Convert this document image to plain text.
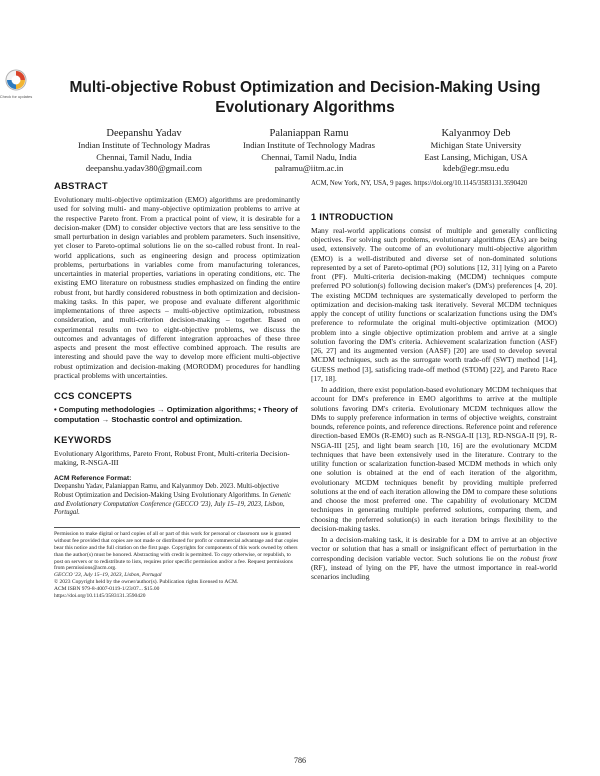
Check for updates
Multi-objective Robust Optimization and Decision-Making Using Evolutionary Algorithms
Deepanshu Yadav
Indian Institute of Technology Madras
Chennai, Tamil Nadu, India
deepanshu.yadav380@gmail.com
Palaniappan Ramu
Indian Institute of Technology Madras
Chennai, Tamil Nadu, India
palramu@iitm.ac.in
Kalyanmoy Deb
Michigan State University
East Lansing, Michigan, USA
kdeb@egr.msu.edu
ABSTRACT

Evolutionary multi-objective optimization (EMO) algorithms are predominantly used for solving multi- and many-objective optimization problems to arrive at the respective Pareto front. From a practical point of view, it is desirable for a decision-maker (DM) to consider objective vectors that are less sensitive to the small perturbation in design variables and problem parameters. Such insensitive, yet closer to Pareto-optimal solutions lie on the so-called robust front. In real-world applications, such as engineering design and process optimization problems, perturbations in variables come from manufacturing tolerances, uncertainties in material properties, variations in operating conditions, etc. The existing EMO literature on robustness studies emphasized on finding the entire robust front, but hardly considered robustness in both optimization and decision-making tasks. In this paper, we propose and evaluate different algorithmic implementations of three aspects – multi-objective optimization, robustness consideration, and multi-criterion decision-making – together. Based on experimental results on two to eight-objective problems, we discuss the outcomes and advantages of different integration approaches of these three aspects and present the most effective combined approach. The results are interesting and should pave the way to develop more efficient multi-objective robust optimization and decision-making (MORODM) procedures for handling practical problems with uncertainties.

CCS CONCEPTS

• Computing methodologies → Optimization algorithms; • Theory of computation → Stochastic control and optimization.

KEYWORDS

Evolutionary Algorithms, Pareto Front, Robust Front, Multi-criteria Decision-making, R-NSGA-III

ACM Reference Format:

Deepanshu Yadav, Palaniappan Ramu, and Kalyanmoy Deb. 2023. Multi-objective Robust Optimization and Decision-Making Using Evolutionary Algorithms. In Genetic and Evolutionary Computation Conference (GECCO '23), July 15–19, 2023, Lisbon, Portugal.

Permission to make digital or hard copies of all or part of this work for personal or classroom use is granted without fee provided that copies are not made or distributed for profit or commercial advantage and that copies bear this notice and the full citation on the first page. Copyrights for components of this work owned by others than the author(s) must be honored. Abstracting with credit is permitted. To copy otherwise, or republish, to post on servers or to redistribute to lists, requires prior specific permission and/or a fee. Request permissions from permissions@acm.org.
GECCO '23, July 15–19, 2023, Lisbon, Portugal
© 2023 Copyright held by the owner/author(s). Publication rights licensed to ACM.
ACM ISBN 979-8-4007-0119-1/23/07... $15.00
https://doi.org/10.1145/3583131.3590420

ACM, New York, NY, USA, 9 pages. https://doi.org/10.1145/3583131.3590420

1 INTRODUCTION

Many real-world applications consist of multiple and generally conflicting objectives. For solving such problems, evolutionary algorithms (EAs) are being used, extensively. The outcome of an evolutionary multi-objective algorithm (EMO) is a well-distributed and diverse set of non-dominated solutions represented by a set of Pareto-optimal (PO) solutions [12, 31] lying on a Pareto front (PF). Multi-criteria decision-making (MCDM) techniques compute preferred PO solution(s) following decision maker's (DM's) preferences [4, 20]. The existing MCDM techniques are systematically developed to perform the optimization and decision-making task iteratively. Several MCDM techniques apply the concept of utility functions or scalarization functions using the DM's preference to reformulate the original multi-objective optimization (MOO) problem into a single objective optimization problem and arrive at a single solution favoring the DM's criteria. Achievement scalarization function (ASF) [26, 27] and its augmented version (AASF) [20] are used to develop several MCDM techniques, such as the surrogate worth trade-off (SWT) method [14], GUESS method [3], satisficing trade-off method (STOM) [22], and Pareto Race [17, 18].

In addition, there exist population-based evolutionary MCDM techniques that account for DM's preference in EMO algorithms to arrive at the multiple solutions favoring DM's criteria. Evolutionary MCDM techniques allow the DMs to supply preference information in terms of objective weights, constraint bounds, reference points, and reference directions. Reference point and reference direction-based EMOs (R-EMO) such as R-NSGA-II [13], RD-NSGA-II [9], R-NSGA-III [25], and light beam search [10, 16] are the evolutionary MCDM techniques that have been extensively used in the literature. Contrary to the utility function or scalarization function-based MCDM methods in which only one solution is obtained at the end of each iteration of the algorithm, evolutionary MCDM techniques benefit by providing multiple preferred solutions at the end of each iteration allowing the DM to compare these solutions and choose the most preferred one. The capability of evolutionary MCDM techniques in generating multiple preferred solutions, comparing them, and choosing the preferred solution(s) in each iteration brings flexibility to the decision-making tasks.

In a decision-making task, it is desirable for a DM to arrive at an objective vector or solution that has a small or insignificant effect of perturbation in the corresponding decision variable vector. Such solutions lie on the robust front (RF), instead of lying on the PF, have the utmost importance in real-world scenarios including

786
